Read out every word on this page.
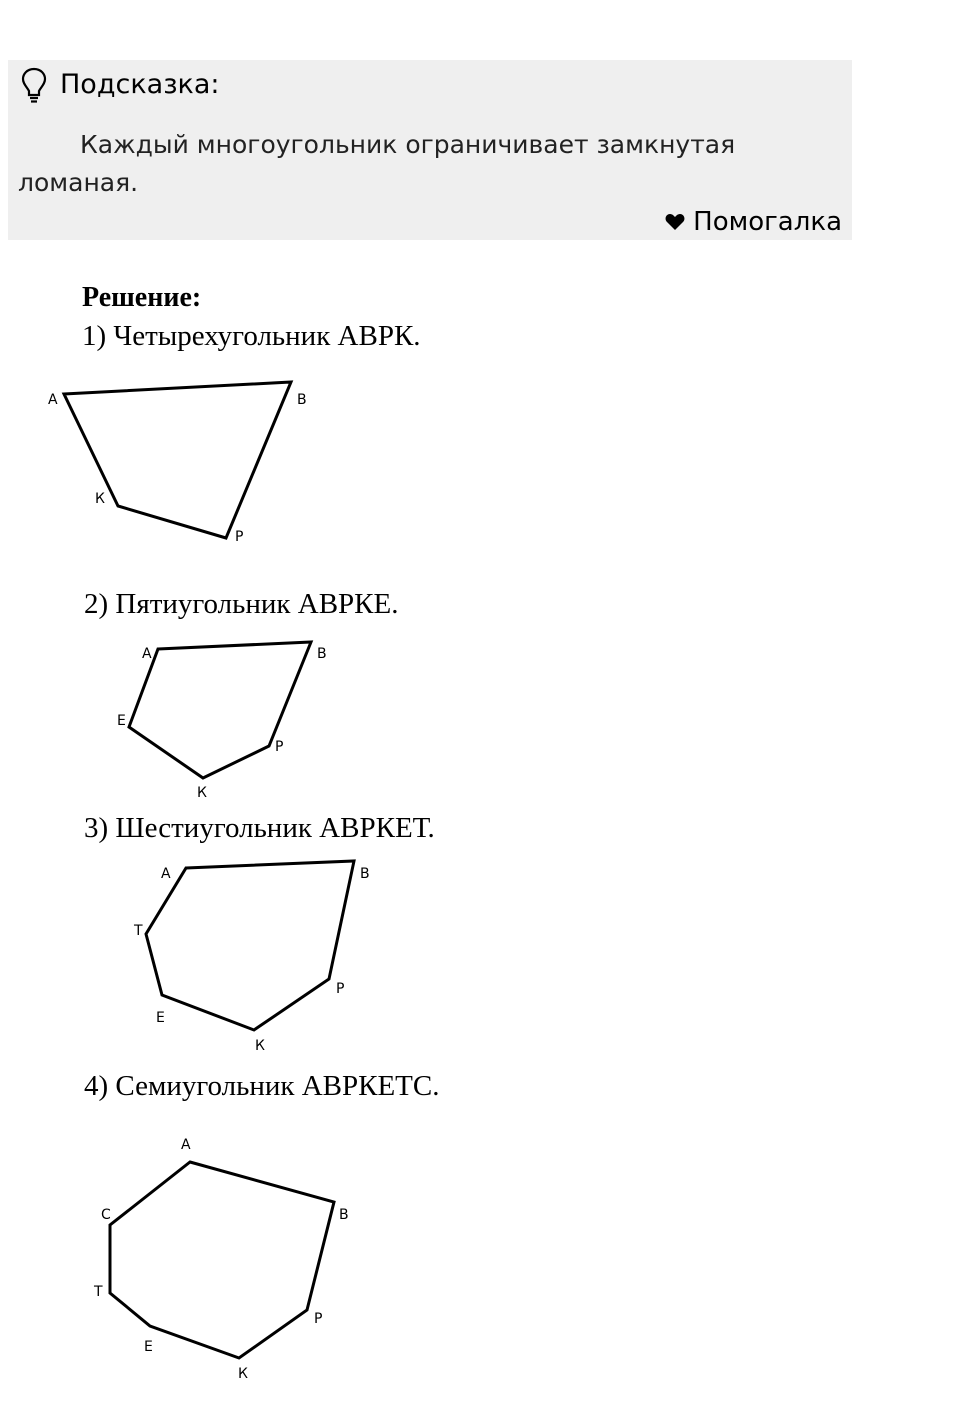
Подсказка:
Каждый многоугольник ограничивает замкнутая ломаная.
Помогалка
Решение:
1) Четырехугольник АВРК.
2) Пятиугольник АВРКЕ.
3) Шестиугольник АВРКЕТ.
4) Семиугольник АВРКЕТС.
А	В
Р
К
А	В
Р
К
Е
А	В
Р
К
Е
Т
А
В
Р
К
Е
Т
С
